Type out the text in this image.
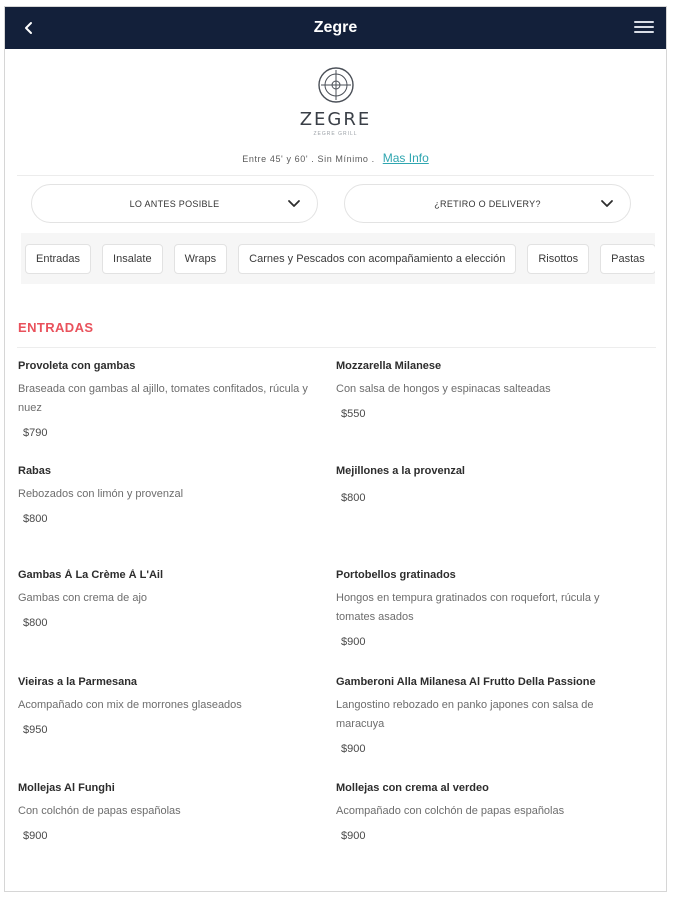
Zegre
ZEGRE
ZEGRE GRILL
Entre 45' y 60' . Sin Mínimo . Mas Info
LO ANTES POSIBLE	¿RETIRO O DELIVERY?
Entradas	Insalate	Wraps	Carnes y Pescados con acompañamiento a elección	Risottos	Pastas
ENTRADAS
Provoleta con gambas
Braseada con gambas al ajillo, tomates confitados, rúcula y nuez
$790
Mozzarella Milanese
Con salsa de hongos y espinacas salteadas
$550
Rabas
Rebozados con limón y provenzal
$800
Mejillones a la provenzal
$800
Gambas À La Crème À L'Ail
Gambas con crema de ajo
$800
Portobellos gratinados
Hongos en tempura gratinados con roquefort, rúcula y tomates asados
$900
Vieiras a la Parmesana
Acompañado con mix de morrones glaseados
$950
Gamberoni Alla Milanesa Al Frutto Della Passione
Langostino rebozado en panko japones con salsa de maracuya
$900
Mollejas Al Funghi
Con colchón de papas españolas
$900
Mollejas con crema al verdeo
Acompañado con colchón de papas españolas
$900
